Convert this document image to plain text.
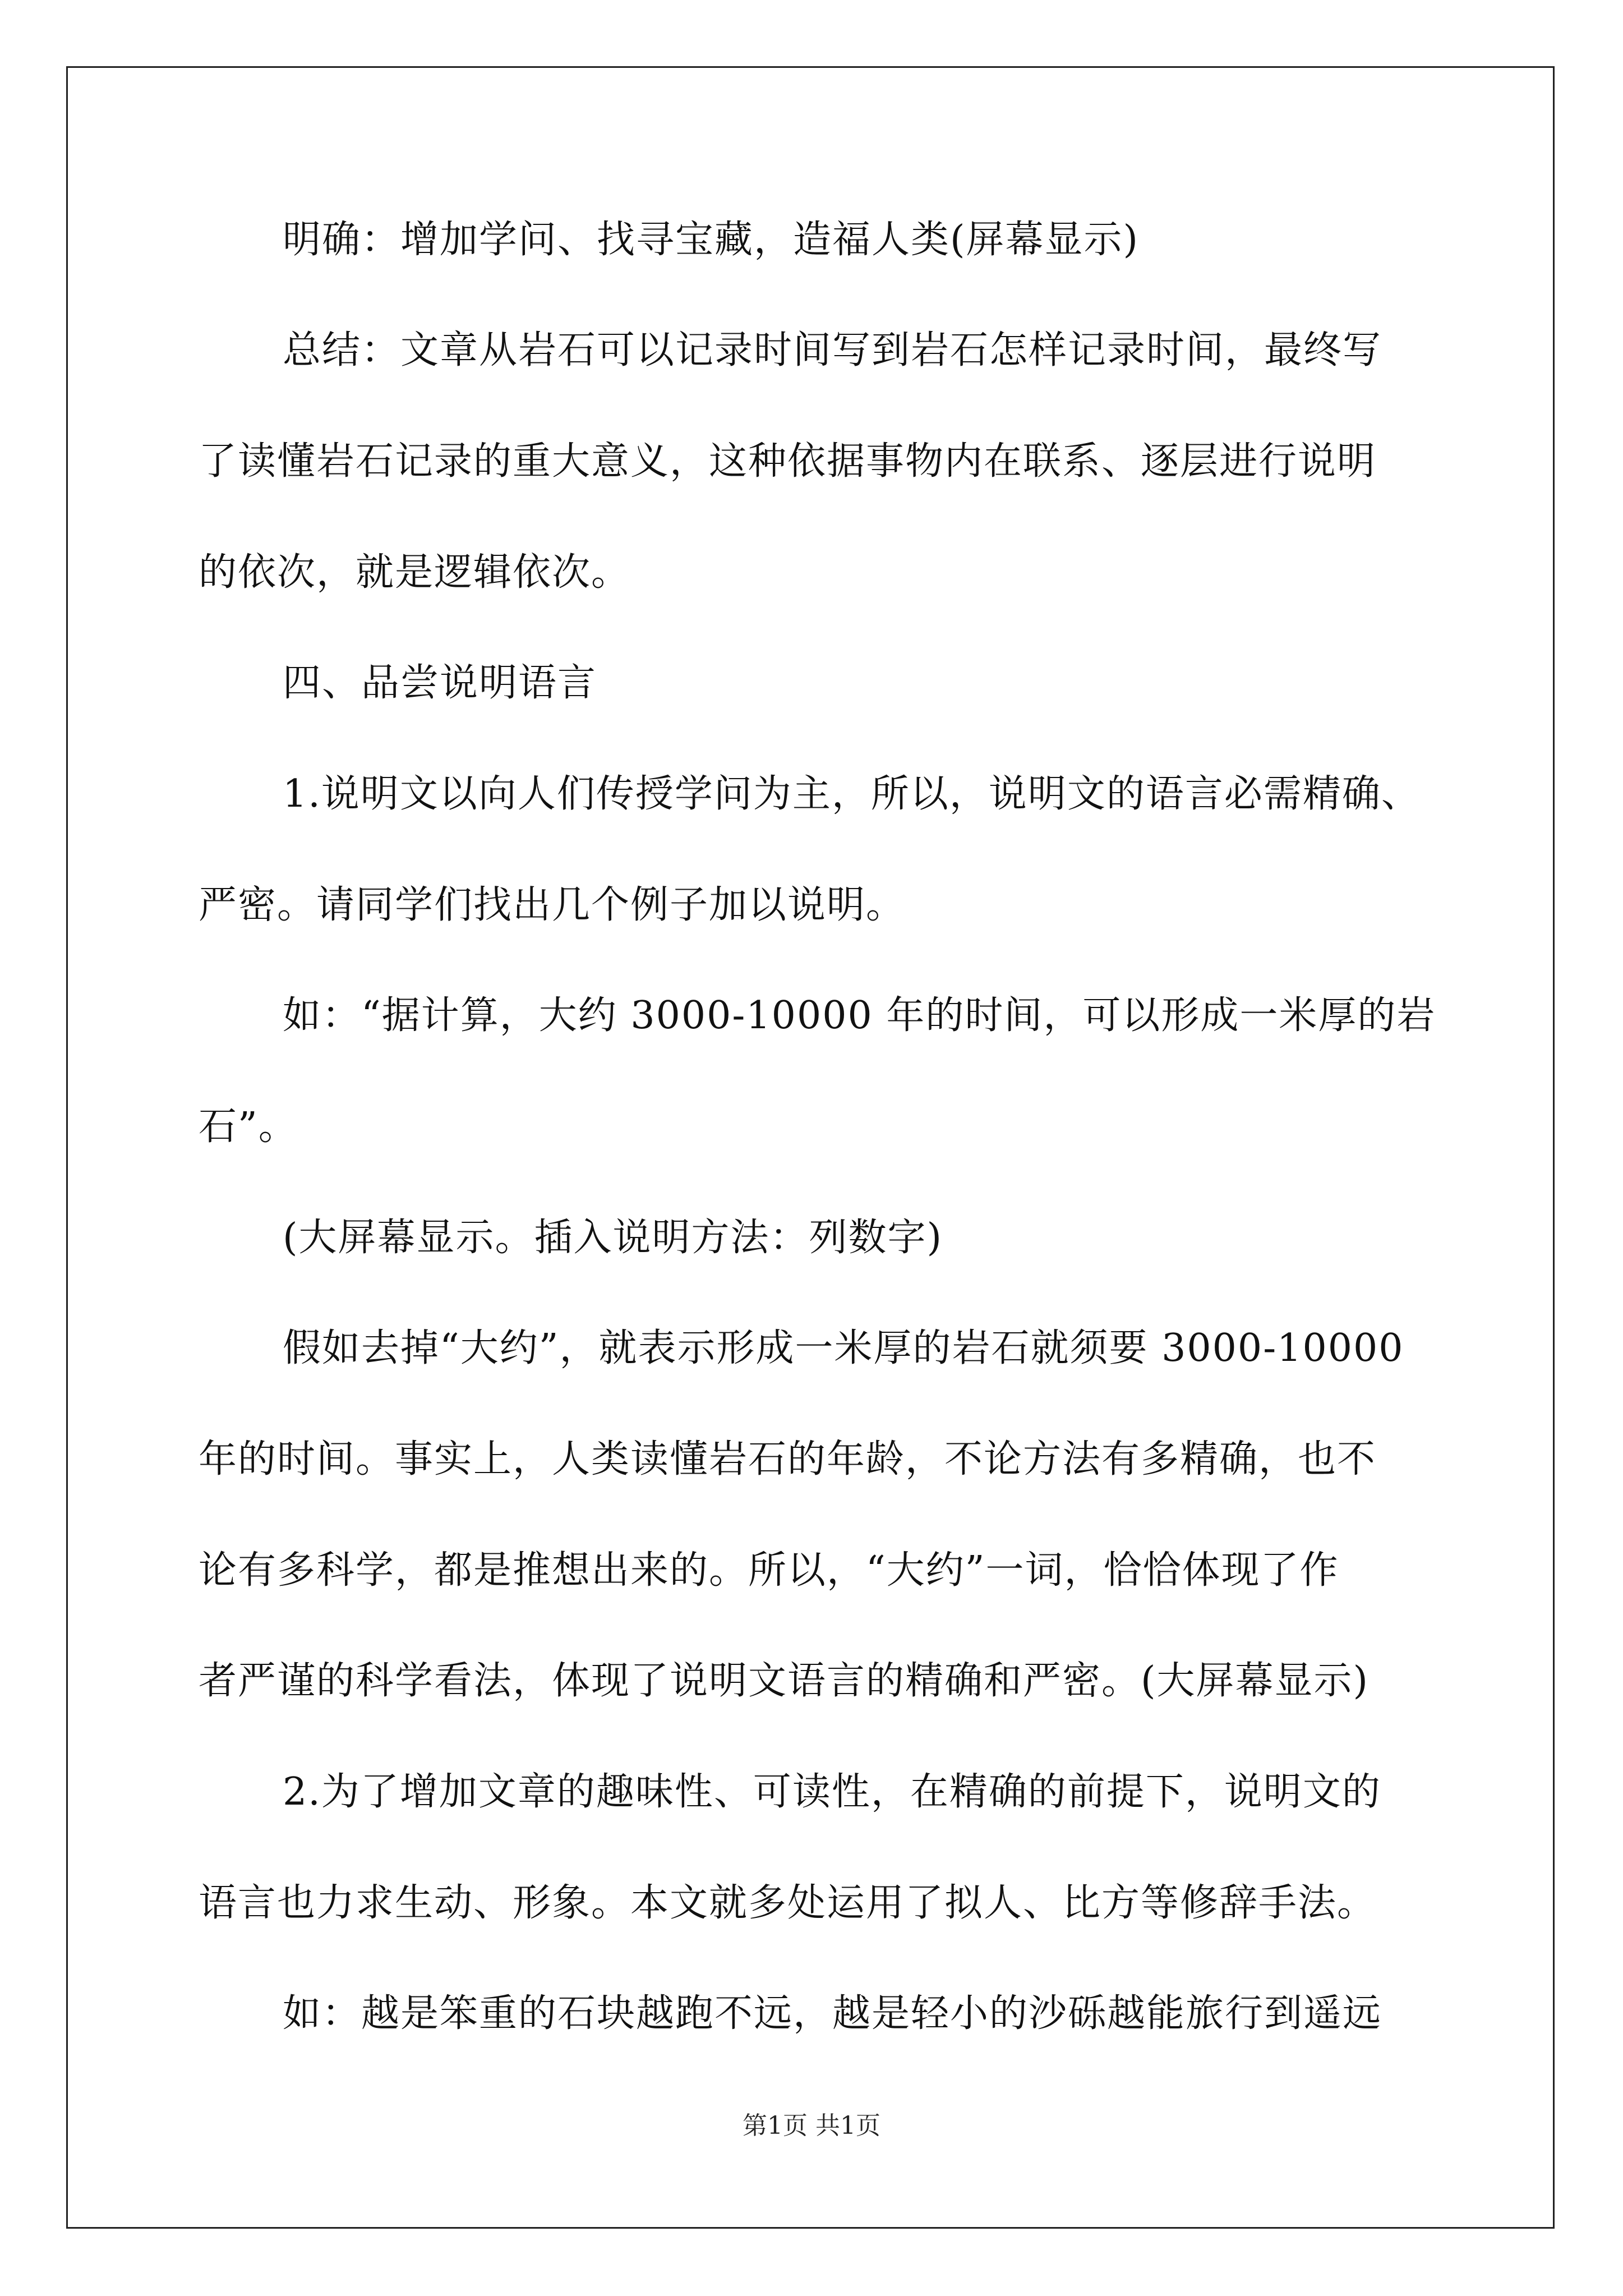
明确：增加学问、找寻宝藏，造福人类(屏幕显示)
总结：文章从岩石可以记录时间写到岩石怎样记录时间，最终写
了读懂岩石记录的重大意义，这种依据事物内在联系、逐层进行说明
的依次，就是逻辑依次。
四、品尝说明语言
1.说明文以向人们传授学问为主，所以，说明文的语言必需精确、
严密。请同学们找出几个例子加以说明。
如：“据计算，大约 3000-10000 年的时间，可以形成一米厚的岩
石”。
(大屏幕显示。插入说明方法：列数字)
假如去掉“大约”，就表示形成一米厚的岩石就须要 3000-10000
年的时间。事实上，人类读懂岩石的年龄，不论方法有多精确，也不
论有多科学，都是推想出来的。所以，“大约”一词，恰恰体现了作
者严谨的科学看法，体现了说明文语言的精确和严密。(大屏幕显示)
2.为了增加文章的趣味性、可读性，在精确的前提下，说明文的
语言也力求生动、形象。本文就多处运用了拟人、比方等修辞手法。
如：越是笨重的石块越跑不远，越是轻小的沙砾越能旅行到遥远
第1页 共1页
